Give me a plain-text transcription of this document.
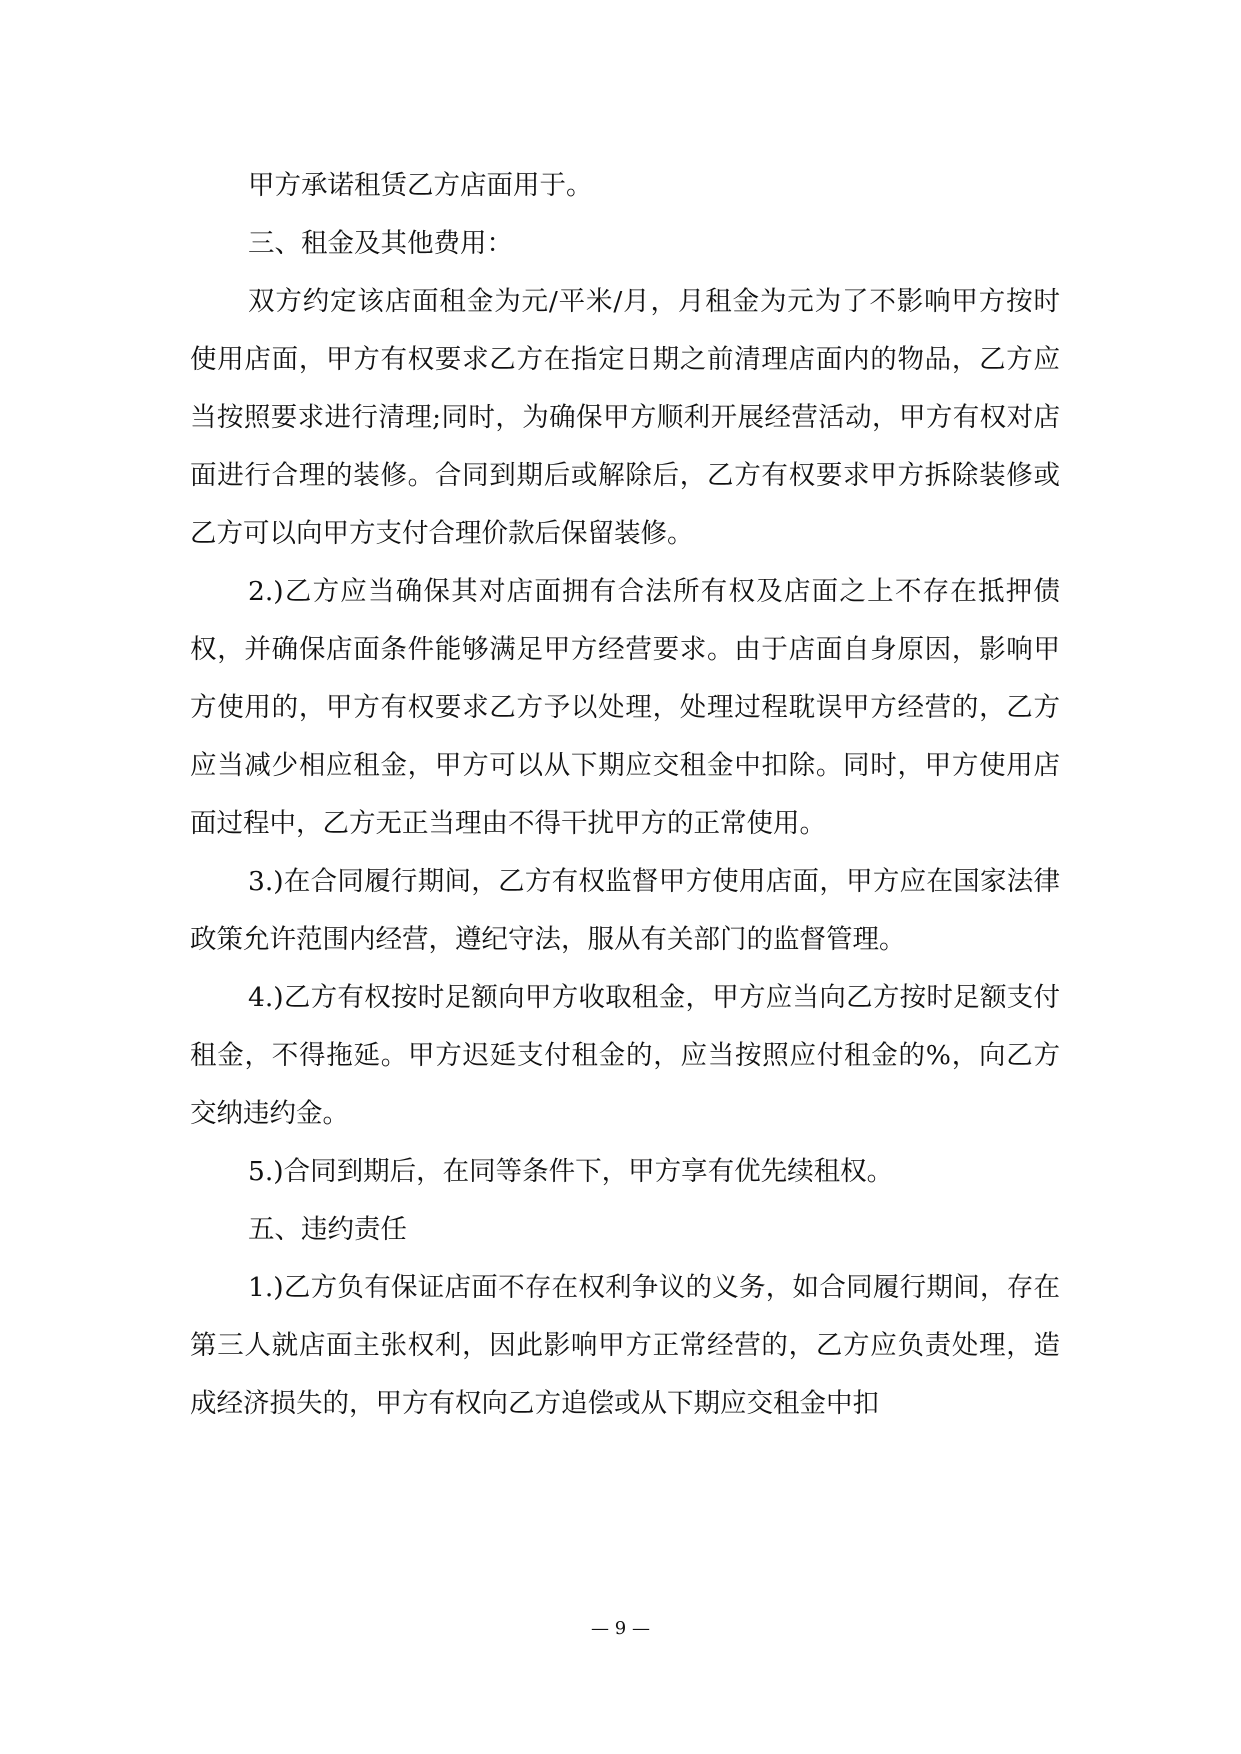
甲方承诺租赁乙方店面用于。

三、租金及其他费用：

双方约定该店面租金为元/平米/月，月租金为元为了不影响甲方按时使用店面，甲方有权要求乙方在指定日期之前清理店面内的物品，乙方应当按照要求进行清理;同时，为确保甲方顺利开展经营活动，甲方有权对店面进行合理的装修。合同到期后或解除后，乙方有权要求甲方拆除装修或乙方可以向甲方支付合理价款后保留装修。

2.)乙方应当确保其对店面拥有合法所有权及店面之上不存在抵押债权，并确保店面条件能够满足甲方经营要求。由于店面自身原因，影响甲方使用的，甲方有权要求乙方予以处理，处理过程耽误甲方经营的，乙方应当减少相应租金，甲方可以从下期应交租金中扣除。同时，甲方使用店面过程中，乙方无正当理由不得干扰甲方的正常使用。

3.)在合同履行期间，乙方有权监督甲方使用店面，甲方应在国家法律政策允许范围内经营，遵纪守法，服从有关部门的监督管理。

4.)乙方有权按时足额向甲方收取租金，甲方应当向乙方按时足额支付租金，不得拖延。甲方迟延支付租金的，应当按照应付租金的%，向乙方交纳违约金。

5.)合同到期后，在同等条件下，甲方享有优先续租权。

五、违约责任

1.)乙方负有保证店面不存在权利争议的义务，如合同履行期间，存在第三人就店面主张权利，因此影响甲方正常经营的，乙方应负责处理，造成经济损失的，甲方有权向乙方追偿或从下期应交租金中扣

— 9 —
